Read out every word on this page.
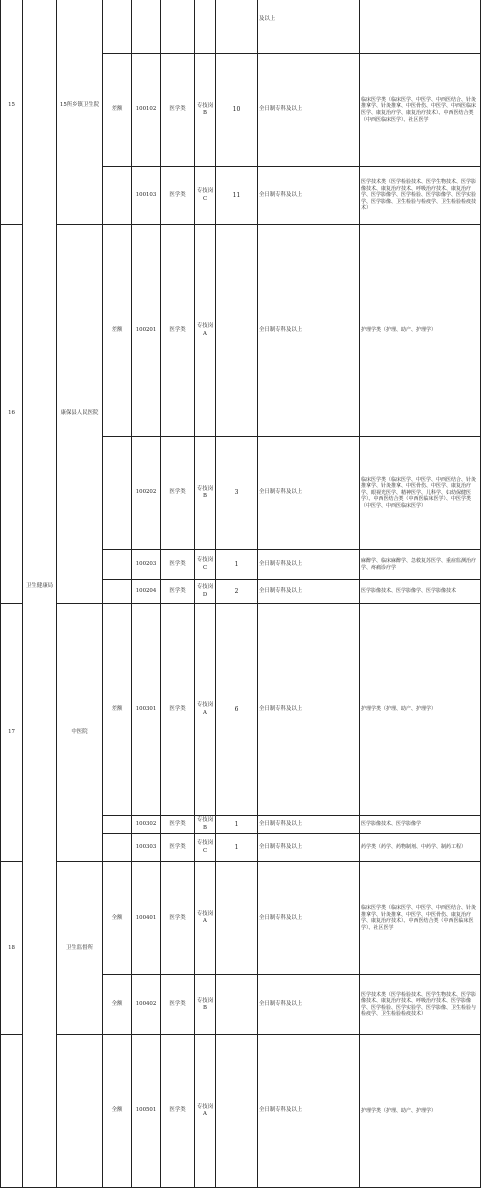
15	卫生健康局	15所乡镇卫生院						及以上		
			差额	100102	医学类	专技岗B	10	全日制专科及以上	临床医学类（临床医学、中医学、中西医结合、针灸推拿学、针灸推拿、中医骨伤、中医学、中西医临床医学、康复治疗学、康复治疗技术）、中西医结合类（中西医临床医学）、社区医学	
				100103	医学类	专技岗C	11	全日制专科及以上	医学技术类（医学检验技术、医学生物技术、医学影像技术、康复治疗技术、呼吸治疗技术、康复治疗学、医学影像学、医学检验、医学影像学、医学实验学、医学影像、卫生检验与检疫学、卫生检验检疫技术）	
16		康保县人民医院	差额	100201	医学类	专技岗A		全日制专科及以上	护理学类（护理、助产、护理学）	
				100202	医学类	专技岗B	3	全日制专科及以上	临床医学类（临床医学、中医学、中西医结合、针灸推拿学、针灸推拿、中医骨伤、中医学、康复治疗学、眼视光医学、精神医学、儿科学、妇幼保健医学）、中西医结合类（中西医临床医学）、中医学类（中医学、中西医临床医学）	
				100203	医学类	专技岗C	1	全日制专科及以上	麻醉学、临床麻醉学、急救复苏医学、重症监测治疗学、疼痛诊疗学	
				100204	医学类	专技岗D	2	全日制专科及以上	医学影像技术、医学影像学、医学影像技术	
17		中医院	差额	100301	医学类	专技岗A	6	全日制专科及以上	护理学类（护理、助产、护理学）	
				100302	医学类	专技岗B	1	全日制专科及以上	医学影像技术、医学影像学	
				100303	医学类	专技岗C	1	全日制专科及以上	药学类（药学、药物制剂、中药学、制药工程）	
18		卫生监督所	全额	100401	医学类	专技岗A		全日制专科及以上	临床医学类（临床医学、中医学、中西医结合、针灸推拿学、针灸推拿、中医学、中医骨伤、康复治疗学、康复治疗技术）、中西医结合类（中西医临床医学）、社区医学	
			全额	100402	医学类	专技岗B		全日制专科及以上	医学技术类（医学检验技术、医学生物技术、医学影像技术、康复治疗技术、呼吸治疗技术、医学影像学、医学检验、医学实验学、医学影像、卫生检验与检疫学、卫生检验检疫技术）	
			全额	100501	医学类	专技岗A		全日制专科及以上	护理学类（护理、助产、护理学）	
